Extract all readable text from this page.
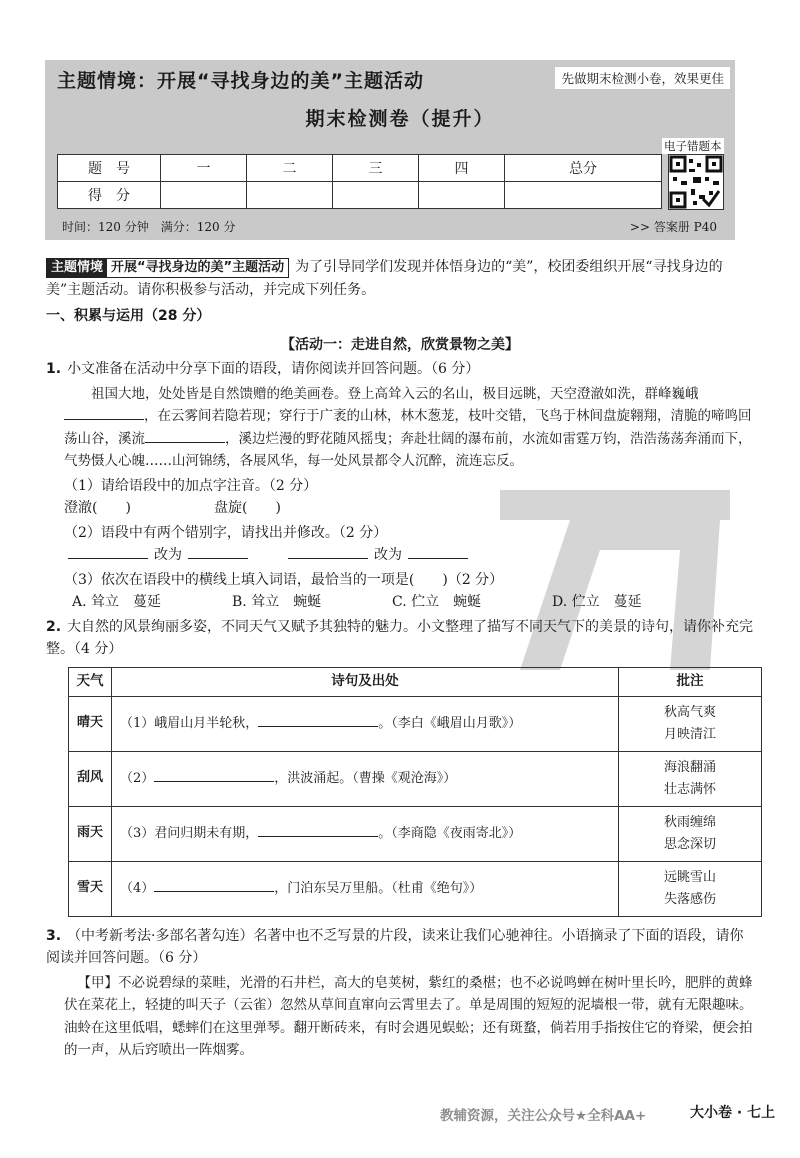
主题情境：开展“寻找身边的美”主题活动	先做期末检测小卷，效果更佳
期末检测卷（提升）
题　号	一	二	三	四	总分
得　分					
电子错题本
时间：120 分钟　满分：120 分	>> 答案册 P40

主题情境 开展“寻找身边的美”主题活动 为了引导同学们发现并体悟身边的“美”，校团委组织开展“寻找身边的美”主题活动。请你积极参与活动，并完成下列任务。

一、积累与运用（28 分）

【活动一：走进自然，欣赏景物之美】

1. 小文准备在活动中分享下面的语段，请你阅读并回答问题。（6 分）

祖国大地，处处皆是自然馈赠的绝美画卷。登上高耸入云的名山，极目远眺，天空澄澈如洗，群峰巍峨，在云雾间若隐若现；穿行于广袤的山林，林木葱茏，枝叶交错，飞鸟于林间盘旋翱翔，清脆的啼鸣回荡山谷，溪流	，溪边烂漫的野花随风摇曳；奔赴壮阔的瀑布前，水流如雷霆万钧，浩浩荡荡奔涌而下，气势慑人心魄……山河锦绣，各展风华，每一处风景都令人沉醉，流连忘反。

（1）请给语段中的加点字注音。（2 分）

澄澈(　　)	盘旋(　　)

（2）语段中有两个错别字，请找出并修改。（2 分）

改为	改为

（3）依次在语段中的横线上填入词语，最恰当的一项是(　　)（2 分）

A. 耸立　蔓延	B. 耸立　蜿蜒	C. 伫立　蜿蜒	D. 伫立　蔓延

2. 大自然的风景绚丽多姿，不同天气又赋予其独特的魅力。小文整理了描写不同天气下的美景的诗句，请你补充完整。（4 分）

天气	诗句及出处	批注
晴天	（1）峨眉山月半轮秋， 。（李白《峨眉山月歌》）	秋高气爽
月映清江

刮风	（2） ，洪波涌起。（曹操《观沧海》）	海浪翻涌
壮志满怀

雨天	（3）君问归期未有期， 。（李商隐《夜雨寄北》）	秋雨缠绵
思念深切

雪天	（4） ，门泊东吴万里船。（杜甫《绝句》）	远眺雪山
失落感伤

3. （中考新考法·多部名著勾连）名著中也不乏写景的片段，读来让我们心驰神往。小语摘录了下面的语段，请你阅读并回答问题。（6 分）

【甲】不必说碧绿的菜畦，光滑的石井栏，高大的皂荚树，紫红的桑椹；也不必说鸣蝉在树叶里长吟，肥胖的黄蜂伏在菜花上，轻捷的叫天子（云雀）忽然从草间直窜向云霄里去了。单是周围的短短的泥墙根一带，就有无限趣味。油蛉在这里低唱，蟋蟀们在这里弹琴。翻开断砖来，有时会遇见蜈蚣；还有斑蝥，倘若用手指按住它的脊梁，便会拍的一声，从后窍喷出一阵烟雾。

教辅资源，关注公众号★全科AA+	大小卷 · 七上
